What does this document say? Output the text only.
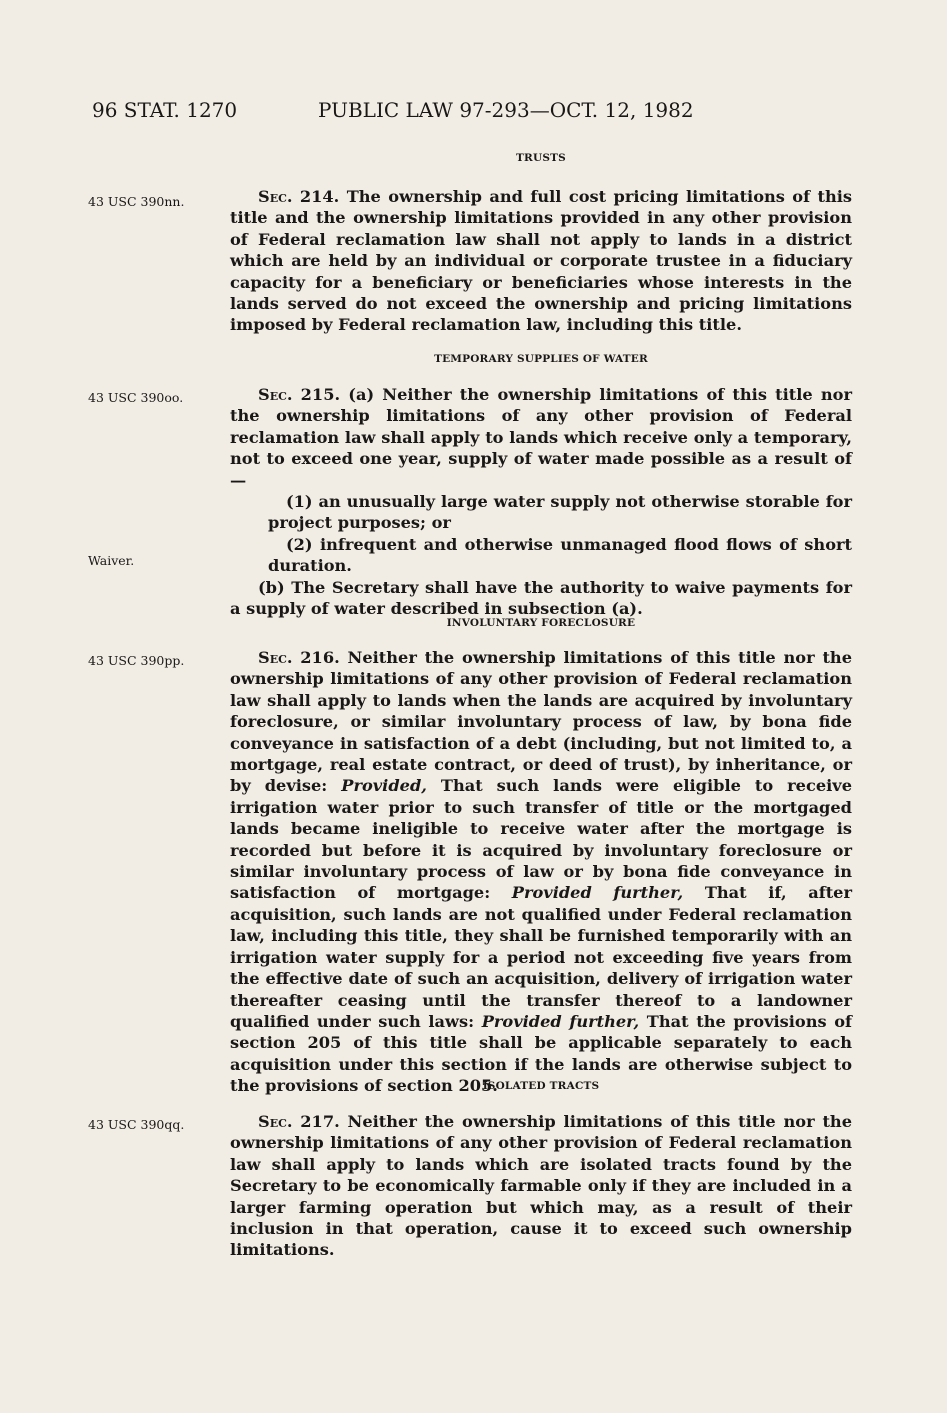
96 STAT. 1270	PUBLIC LAW 97-293—OCT. 12, 1982
TRUSTS
43 USC 390nn.	Sec. 214. The ownership and full cost pricing limitations of this title and the ownership limitations provided in any other provision of Federal reclamation law shall not apply to lands in a district which are held by an individual or corporate trustee in a fiduciary capacity for a beneficiary or beneficiaries whose interests in the lands served do not exceed the ownership and pricing limitations imposed by Federal reclamation law, including this title.

TEMPORARY SUPPLIES OF WATER
43 USC 390oo.	Sec. 215. (a) Neither the ownership limitations of this title nor the ownership limitations of any other provision of Federal reclamation law shall apply to lands which receive only a temporary, not to exceed one year, supply of water made possible as a result of—

(1) an unusually large water supply not otherwise storable for project purposes; or

(2) infrequent and otherwise unmanaged flood flows of short duration.

(b) The Secretary shall have the authority to waive payments for a supply of water described in subsection (a).

Waiver.
INVOLUNTARY FORECLOSURE
43 USC 390pp.	Sec. 216. Neither the ownership limitations of this title nor the ownership limitations of any other provision of Federal reclamation law shall apply to lands when the lands are acquired by involuntary foreclosure, or similar involuntary process of law, by bona fide conveyance in satisfaction of a debt (including, but not limited to, a mortgage, real estate contract, or deed of trust), by inheritance, or by devise: Provided, That such lands were eligible to receive irrigation water prior to such transfer of title or the mortgaged lands became ineligible to receive water after the mortgage is recorded but before it is acquired by involuntary foreclosure or similar involuntary process of law or by bona fide conveyance in satisfaction of mortgage: Provided further, That if, after acquisition, such lands are not qualified under Federal reclamation law, including this title, they shall be furnished temporarily with an irrigation water supply for a period not exceeding five years from the effective date of such an acquisition, delivery of irrigation water thereafter ceasing until the transfer thereof to a landowner qualified under such laws: Provided further, That the provisions of section 205 of this title shall be applicable separately to each acquisition under this section if the lands are otherwise subject to the provisions of section 205.

ISOLATED TRACTS
43 USC 390qq.	Sec. 217. Neither the ownership limitations of this title nor the ownership limitations of any other provision of Federal reclamation law shall apply to lands which are isolated tracts found by the Secretary to be economically farmable only if they are included in a larger farming operation but which may, as a result of their inclusion in that operation, cause it to exceed such ownership limitations.
